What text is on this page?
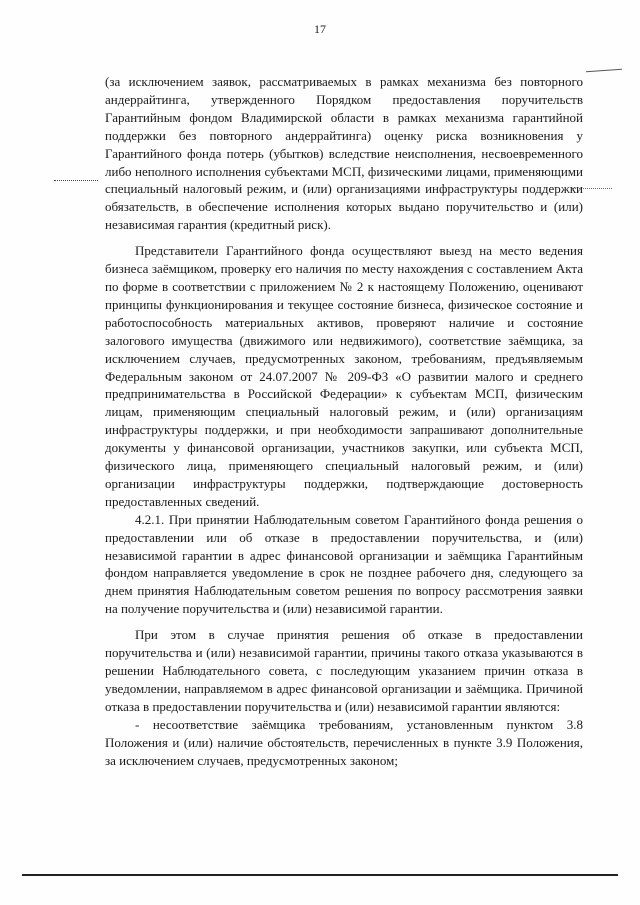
17

(за исключением заявок, рассматриваемых в рамках механизма без повторного андеррайтинга, утвержденного Порядком предоставления поручительств Гарантийным фондом Владимирской области в рамках механизма гарантийной поддержки без повторного андеррайтинга) оценку риска возникновения у Гарантийного фонда потерь (убытков) вследствие неисполнения, несвоевременного либо неполного исполнения субъектами МСП, физическими лицами, применяющими специальный налоговый режим, и (или) организациями инфраструктуры поддержки обязательств, в обеспечение исполнения которых выдано поручительство и (или) независимая гарантия (кредитный риск).

Представители Гарантийного фонда осуществляют выезд на место ведения бизнеса заёмщиком, проверку его наличия по месту нахождения с составлением Акта по форме в соответствии с приложением № 2 к настоящему Положению, оценивают принципы функционирования и текущее состояние бизнеса, физическое состояние и работоспособность материальных активов, проверяют наличие и состояние залогового имущества (движимого или недвижимого), соответствие заёмщика, за исключением случаев, предусмотренных законом, требованиям, предъявляемым Федеральным законом от 24.07.2007 № 209-ФЗ «О развитии малого и среднего предпринимательства в Российской Федерации» к субъектам МСП, физическим лицам, применяющим специальный налоговый режим, и (или) организациям инфраструктуры поддержки, и при необходимости запрашивают дополнительные документы у финансовой организации, участников закупки, или субъекта МСП, физического лица, применяющего специальный налоговый режим, и (или) организации инфраструктуры поддержки, подтверждающие достоверность предоставленных сведений.

4.2.1. При принятии Наблюдательным советом Гарантийного фонда решения о предоставлении или об отказе в предоставлении поручительства, и (или) независимой гарантии в адрес финансовой организации и заёмщика Гарантийным фондом направляется уведомление в срок не позднее рабочего дня, следующего за днем принятия Наблюдательным советом решения по вопросу рассмотрения заявки на получение поручительства и (или) независимой гарантии.

При этом в случае принятия решения об отказе в предоставлении поручительства и (или) независимой гарантии, причины такого отказа указываются в решении Наблюдательного совета, с последующим указанием причин отказа в уведомлении, направляемом в адрес финансовой организации и заёмщика. Причиной отказа в предоставлении поручительства и (или) независимой гарантии являются:

- несоответствие заёмщика требованиям, установленным пунктом 3.8 Положения и (или) наличие обстоятельств, перечисленных в пункте 3.9 Положения, за исключением случаев, предусмотренных законом;
